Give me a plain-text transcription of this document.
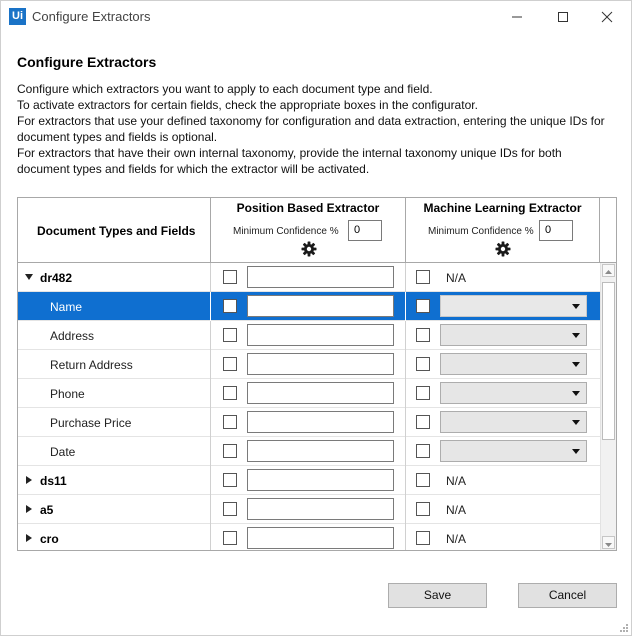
Ui Configure Extractors
Configure Extractors

Configure which extractors you want to apply to each document type and field.

To activate extractors for certain fields, check the appropriate boxes in the configurator.

For extractors that use your defined taxonomy for configuration and data extraction, entering the unique IDs for document types and fields is optional.

For extractors that have their own internal taxonomy, provide the internal taxonomy unique IDs for both document types and fields for which the extractor will be activated.

Document Types and Fields
Position Based Extractor
Minimum Confidence %	0
Machine Learning Extractor
Minimum Confidence %	0
dr482	N/A
Name
Address
Return Address
Phone
Purchase Price
Date
ds11	N/A
a5	N/A
cro	N/A
Save	Cancel
